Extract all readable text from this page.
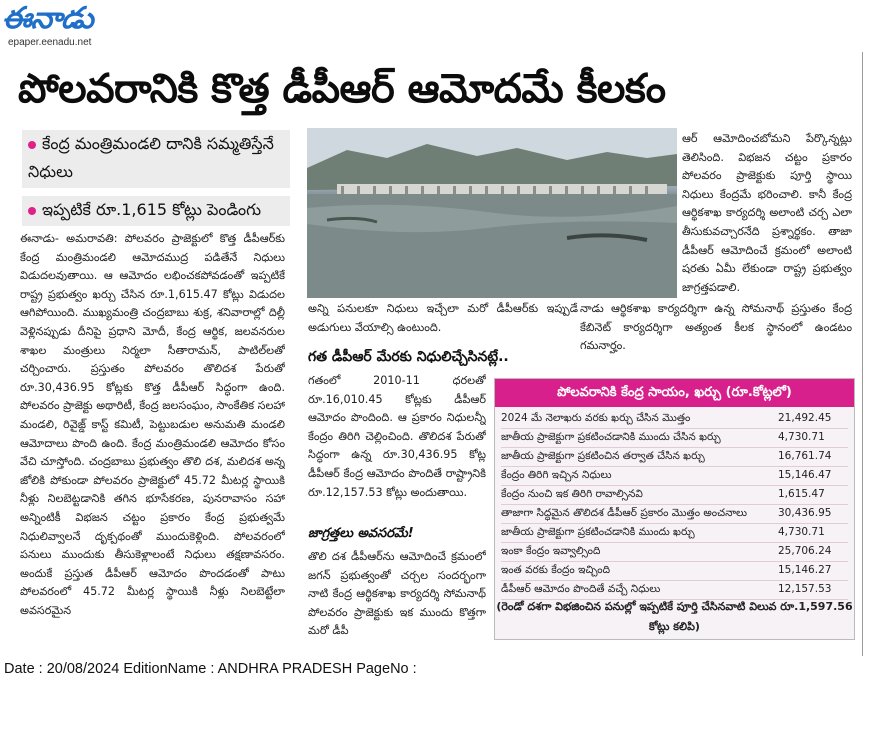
ఈనాడు
epaper.eenadu.net
పోలవరానికి కొత్త డీపీఆర్ ఆమోదమే కీలకం
కేంద్ర మంత్రిమండలి దానికి సమ్మతిస్తేనే నిధులు
ఇప్పటికే రూ.1,615 కోట్లు పెండింగు

ఈనాడు- అమరావతి: పోలవరం ప్రాజెక్టులో కొత్త డీపీఆర్‌కు కేంద్ర మంత్రిమండలి ఆమోదముద్ర పడితేనే నిధులు విడుదలవుతాయి. ఆ ఆమోదం లభించకపోవడంతో ఇప్పటికే రాష్ట్ర ప్రభుత్వం ఖర్చు చేసిన రూ.1,615.47 కోట్లు విడుదల ఆగిపోయింది. ముఖ్యమంత్రి చంద్రబాబు శుక్ర, శనివారాల్లో దిల్లీ వెళ్లినప్పుడు దీనిపై ప్రధాని మోదీ, కేంద్ర ఆర్థిక, జలవనరుల శాఖల మంత్రులు నిర్మలా సీతారామన్, పాటిల్‌లతో చర్చించారు. ప్రస్తుతం పోలవరం తొలిదశ పేరుతో రూ.30,436.95 కోట్లకు కొత్త డీపీఆర్ సిద్ధంగా ఉంది. పోలవరం ప్రాజెక్టు అథారిటీ, కేంద్ర జలసంఘం, సాంకేతిక సలహా మండలి, రివైజ్డ్ కాస్ట్ కమిటీ, పెట్టుబడుల అనుమతి మండలి ఆమోదాలు పొంది ఉంది. కేంద్ర మంత్రిమండలి ఆమోదం కోసం వేచి చూస్తోంది. చంద్రబాబు ప్రభుత్వం తొలి దశ, మలిదశ అన్న జోలికి పోకుండా పోలవరం ప్రాజెక్టులో 45.72 మీటర్ల స్థాయికి నీళ్లు నిలబెట్టడానికి తగిన భూసేకరణ, పునరావాసం సహా అన్నింటికీ విభజన చట్టం ప్రకారం కేంద్ర ప్రభుత్వమే నిధులివ్వాలనే దృక్పథంతో ముందుకెళ్లింది. పోలవరంలో పనులు ముందుకు తీసుకెళ్లాలంటే నిధులు తక్షణావసరం. అందుకే ప్రస్తుత డీపీఆర్ ఆమోదం పొందడంతో పాటు పోలవరంలో 45.72 మీటర్ల స్థాయికి నీళ్లు నిలబెట్టేలా అవసరమైన

అన్ని పనులకూ నిధులు ఇచ్చేలా మరో డీపీఆర్‌కు ఇప్పుడే అడుగులు వేయాల్సి ఉంటుంది.

ఆర్ ఆమోదించబోమని పేర్కొన్నట్లు తెలిసింది. విభజన చట్టం ప్రకారం పోలవరం ప్రాజెక్టుకు పూర్తి స్థాయి నిధులు కేంద్రమే భరించాలి. కానీ కేంద్ర ఆర్థికశాఖ కార్యదర్శి అలాంటి చర్చ ఎలా తీసుకువచ్చారనేది ప్రశ్నార్థకం. తాజా డీపీఆర్ ఆమోదించే క్రమంలో అలాంటి షరతు ఏమీ లేకుండా రాష్ట్ర ప్రభుత్వం జాగ్రత్తపడాలి.

నాడు ఆర్థికశాఖ కార్యదర్శిగా ఉన్న సోమనాథ్ ప్రస్తుతం కేంద్ర కేబినెట్ కార్యదర్శిగా అత్యంత కీలక స్థానంలో ఉండటం గమనార్హం.

గత డీపీఆర్ మేరకు నిధులిచ్చేసినట్లే..

గతంలో 2010-11 ధరలతో రూ.16,010.45 కోట్లకు డీపీఆర్ ఆమోదం పొందింది. ఆ ప్రకారం నిధులన్నీ కేంద్రం తిరిగి చెల్లించింది. తొలిదశ పేరుతో సిద్ధంగా ఉన్న రూ.30,436.95 కోట్ల డీపీఆర్ కేంద్ర ఆమోదం పొందితే రాష్ట్రానికి రూ.12,157.53 కోట్లు అందుతాయి.

జాగ్రత్తలు అవసరమే!

తొలి దశ డీపీఆర్‌ను ఆమోదించే క్రమంలో జగన్ ప్రభుత్వంతో చర్చల సందర్భంగా నాటి కేంద్ర ఆర్థికశాఖ కార్యదర్శి సోమనాథ్ పోలవరం ప్రాజెక్టుకు ఇక ముందు కొత్తగా మరో డీపీ

పోలవరానికి కేంద్ర సాయం, ఖర్చు (రూ.కోట్లలో)
2024 మే నెలాఖరు వరకు ఖర్చు చేసిన మొత్తం	21,492.45
జాతీయ ప్రాజెక్టుగా ప్రకటించడానికి ముందు చేసిన ఖర్చు	4,730.71
జాతీయ ప్రాజెక్టుగా ప్రకటించిన తర్వాత చేసిన ఖర్చు	16,761.74
కేంద్రం తిరిగి ఇచ్చిన నిధులు	15,146.47
కేంద్రం నుంచి ఇక తిరిగి రావాల్సినవి	1,615.47
తాజాగా సిద్ధమైన తొలిదశ డీపీఆర్ ప్రకారం మొత్తం అంచనాలు	30,436.95
జాతీయ ప్రాజెక్టుగా ప్రకటించడానికి ముందు ఖర్చు	4,730.71
ఇంకా కేంద్రం ఇవ్వాల్సింది	25,706.24
ఇంత వరకు కేంద్రం ఇచ్చింది	15,146.27
డీపీఆర్ ఆమోదం పొందితే వచ్చే నిధులు	12,157.53
(రెండో దశగా విభజించిన పనుల్లో ఇప్పటికే పూర్తి చేసినవాటి విలువ రూ.1,597.56 కోట్లు కలిపి)
Date : 20/08/2024 EditionName : ANDHRA PRADESH PageNo :
